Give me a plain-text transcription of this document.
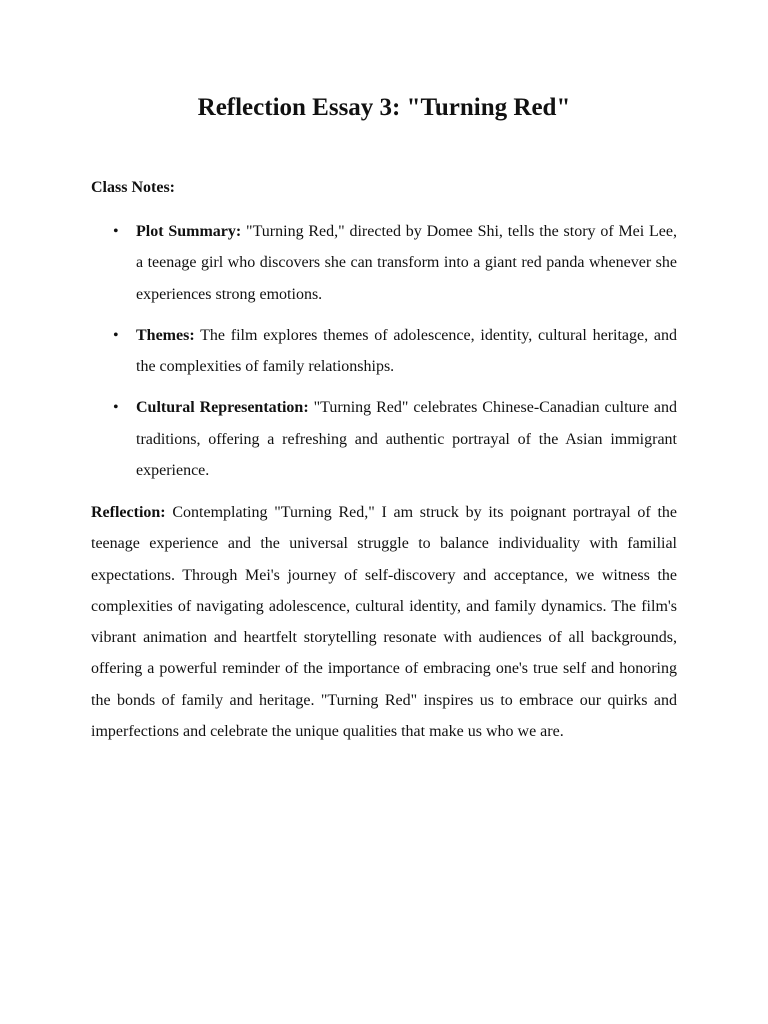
Reflection Essay 3: "Turning Red"

Class Notes:

• Plot Summary: "Turning Red," directed by Domee Shi, tells the story of Mei Lee, a teenage girl who discovers she can transform into a giant red panda whenever she experiences strong emotions.
• Themes: The film explores themes of adolescence, identity, cultural heritage, and the complexities of family relationships.
• Cultural Representation: "Turning Red" celebrates Chinese-Canadian culture and traditions, offering a refreshing and authentic portrayal of the Asian immigrant experience.

Reflection: Contemplating "Turning Red," I am struck by its poignant portrayal of the teenage experience and the universal struggle to balance individuality with familial expectations. Through Mei's journey of self-discovery and acceptance, we witness the complexities of navigating adolescence, cultural identity, and family dynamics. The film's vibrant animation and heartfelt storytelling resonate with audiences of all backgrounds, offering a powerful reminder of the importance of embracing one's true self and honoring the bonds of family and heritage. "Turning Red" inspires us to embrace our quirks and imperfections and celebrate the unique qualities that make us who we are.
